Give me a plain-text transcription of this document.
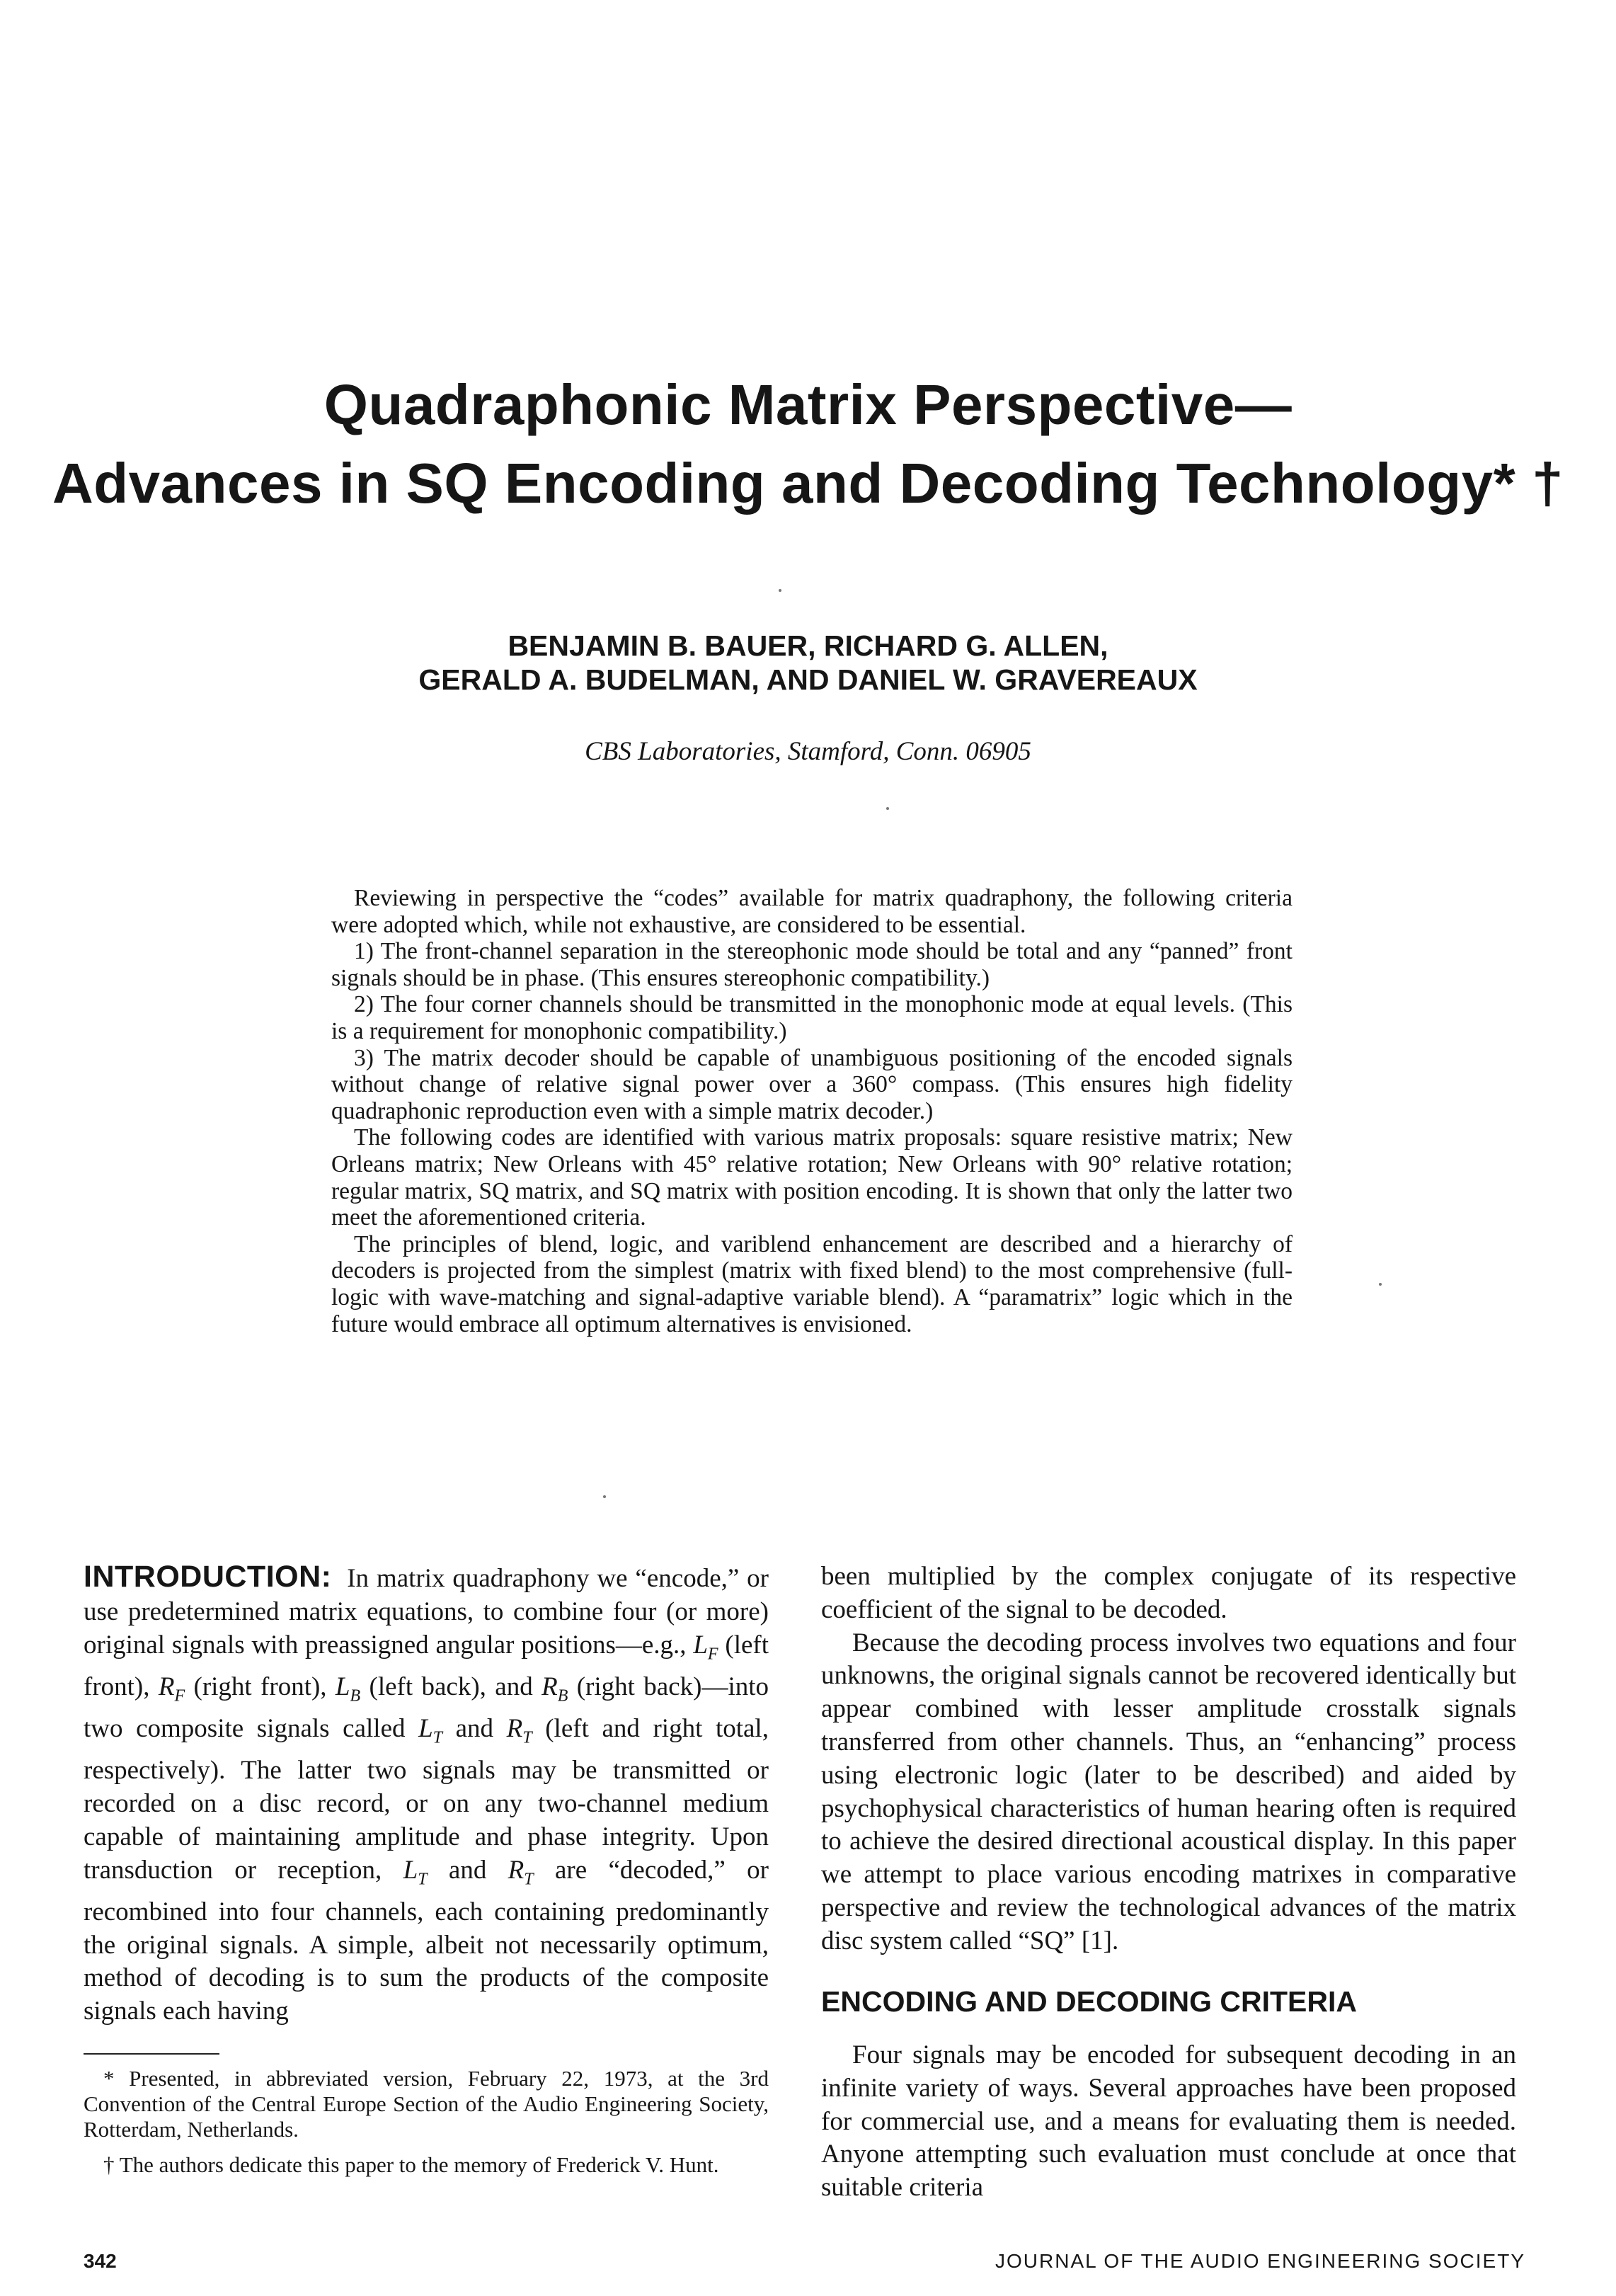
Quadraphonic Matrix Perspective—
Advances in SQ Encoding and Decoding Technology* †
BENJAMIN B. BAUER, RICHARD G. ALLEN,
GERALD A. BUDELMAN, AND DANIEL W. GRAVEREAUX
CBS Laboratories, Stamford, Conn. 06905

Reviewing in perspective the “codes” available for matrix quadraphony, the following criteria were adopted which, while not exhaustive, are considered to be essential.

1) The front-channel separation in the stereophonic mode should be total and any “panned” front signals should be in phase. (This ensures stereophonic compatibility.)

2) The four corner channels should be transmitted in the monophonic mode at equal levels. (This is a requirement for monophonic compatibility.)

3) The matrix decoder should be capable of unambiguous positioning of the encoded signals without change of relative signal power over a 360° compass. (This ensures high fidelity quadraphonic reproduction even with a simple matrix decoder.)

The following codes are identified with various matrix proposals: square resistive matrix; New Orleans matrix; New Orleans with 45° relative rotation; New Orleans with 90° relative rotation; regular matrix, SQ matrix, and SQ matrix with position encoding. It is shown that only the latter two meet the aforementioned criteria.

The principles of blend, logic, and variblend enhancement are described and a hierarchy of decoders is projected from the simplest (matrix with fixed blend) to the most comprehensive (full-logic with wave-matching and signal-adaptive variable blend). A “paramatrix” logic which in the future would embrace all optimum alternatives is envisioned.

INTRODUCTION: In matrix quadraphony we “encode,” or use predetermined matrix equations, to combine four (or more) original signals with preassigned angular positions—e.g., $L_F$ (left front), $R_F$ (right front), $L_B$ (left back), and $R_B$ (right back)—into two composite signals called $L_T$ and $R_T$ (left and right total, respectively). The latter two signals may be transmitted or recorded on a disc record, or on any two-channel medium capable of maintaining amplitude and phase integrity. Upon transduction or reception, $L_T$ and $R_T$ are “decoded,” or recombined into four channels, each containing predominantly the original signals. A simple, albeit not necessarily optimum, method of decoding is to sum the products of the composite signals each having

* Presented, in abbreviated version, February 22, 1973, at the 3rd Convention of the Central Europe Section of the Audio Engineering Society, Rotterdam, Netherlands.

† The authors dedicate this paper to the memory of Frederick V. Hunt.

been multiplied by the complex conjugate of its respective coefficient of the signal to be decoded.

Because the decoding process involves two equations and four unknowns, the original signals cannot be recovered identically but appear combined with lesser amplitude crosstalk signals transferred from other channels. Thus, an “enhancing” process using electronic logic (later to be described) and aided by psychophysical characteristics of human hearing often is required to achieve the desired directional acoustical display. In this paper we attempt to place various encoding matrixes in comparative perspective and review the technological advances of the matrix disc system called “SQ” [1].

ENCODING AND DECODING CRITERIA

Four signals may be encoded for subsequent decoding in an infinite variety of ways. Several approaches have been proposed for commercial use, and a means for evaluating them is needed. Anyone attempting such evaluation must conclude at once that suitable criteria

342	JOURNAL OF THE AUDIO ENGINEERING SOCIETY
